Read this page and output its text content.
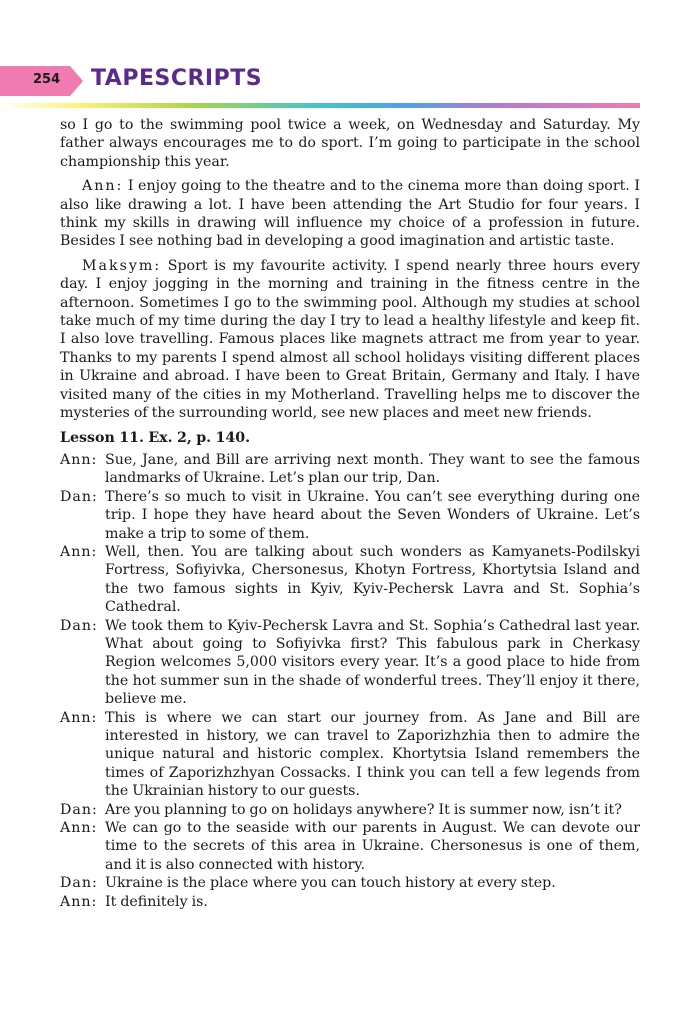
254 TAPESCRIPTS

so I go to the swimming pool twice a week, on Wednesday and Saturday. My father always encourages me to do sport. I’m going to participate in the school championship this year.

Ann: I enjoy going to the theatre and to the cinema more than doing sport. I also like drawing a lot. I have been attending the Art Studio for four years. I think my skills in drawing will influence my choice of a profession in future. Besides I see nothing bad in developing a good imagination and artistic taste.

Maksym: Sport is my favourite activity. I spend nearly three hours every day. I enjoy jogging in the morning and training in the fitness centre in the afternoon. Sometimes I go to the swimming pool. Although my studies at school take much of my time during the day I try to lead a healthy lifestyle and keep fit. I also love travelling. Famous places like magnets attract me from year to year. Thanks to my parents I spend almost all school holidays visiting different places in Ukraine and abroad. I have been to Great Britain, Germany and Italy. I have visited many of the cities in my Motherland. Travelling helps me to discover the mysteries of the surrounding world, see new places and meet new friends.

Lesson 11. Ex. 2, p. 140.
Ann: Sue, Jane, and Bill are arriving next month. They want to see the famous landmarks of Ukraine. Let’s plan our trip, Dan.
Dan: There’s so much to visit in Ukraine. You can’t see everything during one trip. I hope they have heard about the Seven Wonders of Ukraine. Let’s make a trip to some of them.
Ann: Well, then. You are talking about such wonders as Kamyanets-Podilskyi Fortress, Sofiyivka, Chersonesus, Khotyn Fortress, Khortytsia Island and the two famous sights in Kyiv, Kyiv-Pechersk Lavra and St. Sophia’s Cathedral.
Dan: We took them to Kyiv-Pechersk Lavra and St. Sophia’s Cathedral last year. What about going to Sofiyivka first? This fabulous park in Cherkasy Region welcomes 5,000 visitors every year. It’s a good place to hide from the hot summer sun in the shade of wonderful trees. They’ll enjoy it there, believe me.
Ann: This is where we can start our journey from. As Jane and Bill are interested in history, we can travel to Zaporizhzhia then to admire the unique natural and historic complex. Khortytsia Island remembers the times of Zaporizhzhyan Cossacks. I think you can tell a few legends from the Ukrainian history to our guests.
Dan: Are you planning to go on holidays anywhere? It is summer now, isn’t it?
Ann: We can go to the seaside with our parents in August. We can devote our time to the secrets of this area in Ukraine. Chersonesus is one of them, and it is also connected with history.
Dan: Ukraine is the place where you can touch history at every step.
Ann: It definitely is.
